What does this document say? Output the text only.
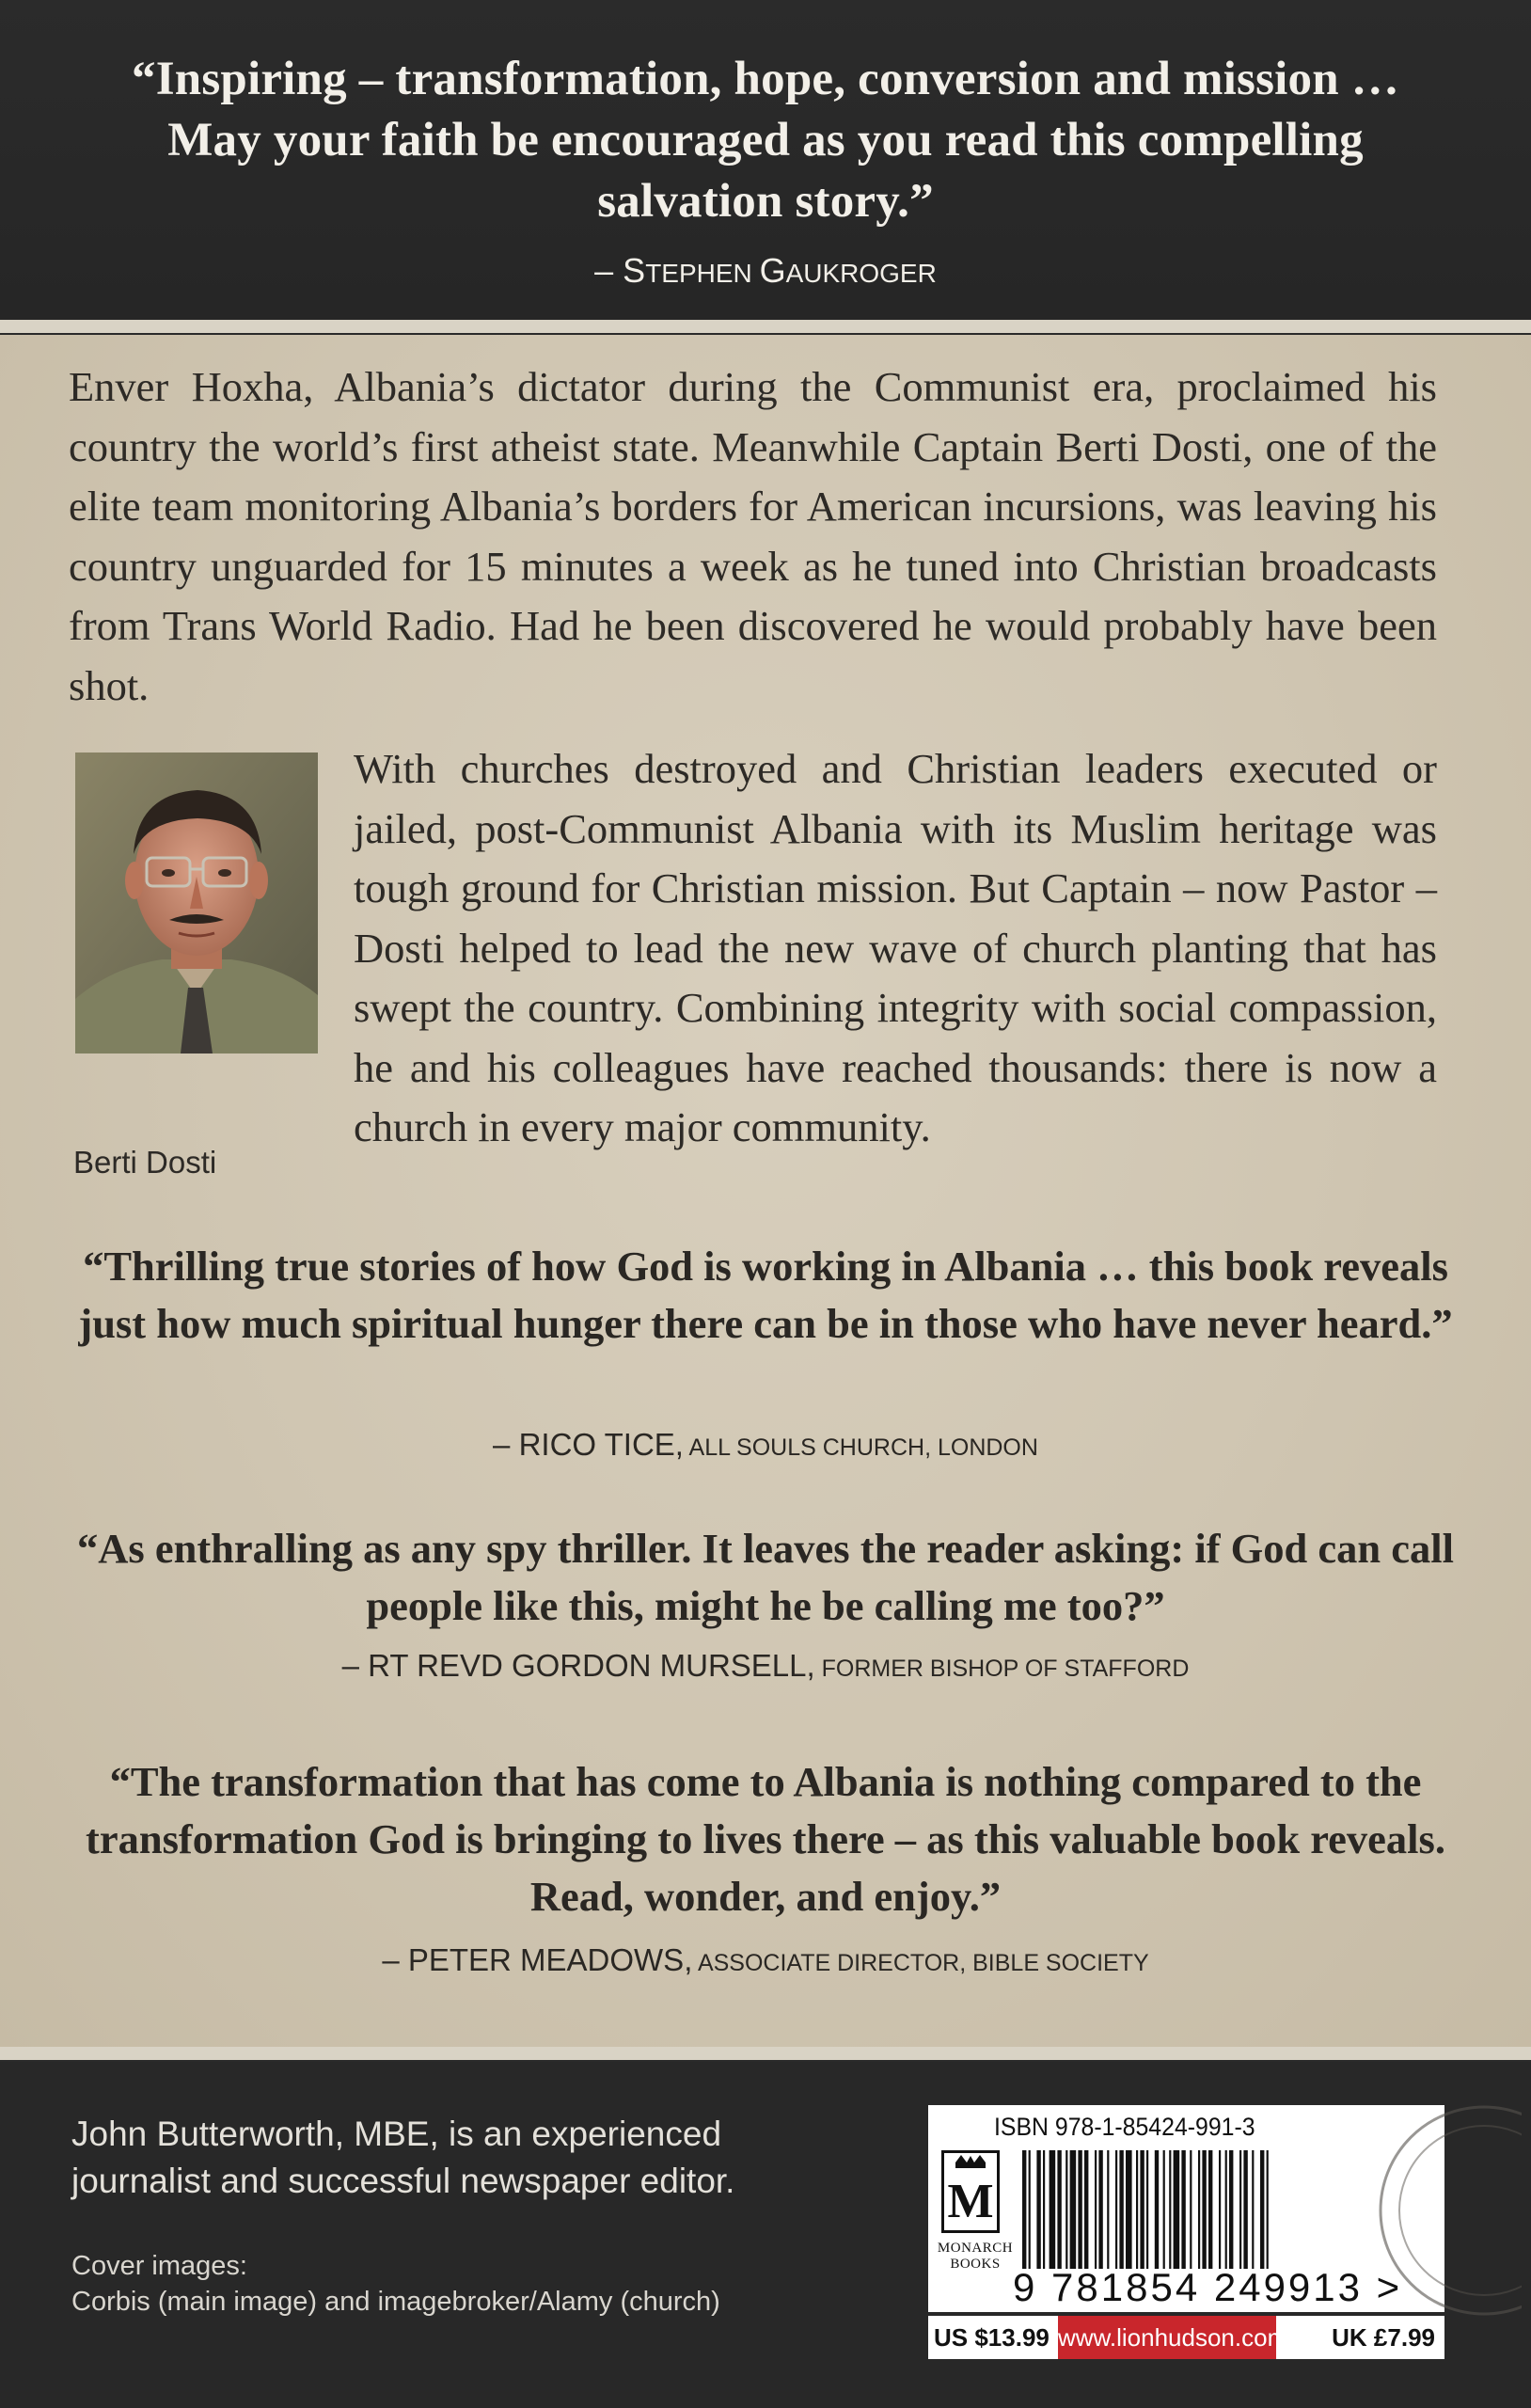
“Inspiring – transformation, hope, conversion and mission … May your faith be encouraged as you read this compelling salvation story.”
– STEPHEN GAUKROGER

Enver Hoxha, Albania’s dictator during the Communist era, proclaimed his country the world’s first atheist state. Meanwhile Captain Berti Dosti, one of the elite team monitoring Albania’s borders for American incursions, was leaving his country unguarded for 15 minutes a week as he tuned into Christian broadcasts from Trans World Radio. Had he been discovered he would probably have been shot.

Berti Dosti

With churches destroyed and Christian leaders executed or jailed, post-Communist Albania with its Muslim heritage was tough ground for Christian mission. But Captain – now Pastor – Dosti helped to lead the new wave of church planting that has swept the country. Combining integrity with social compassion, he and his colleagues have reached thousands: there is now a church in every major community.

“Thrilling true stories of how God is working in Albania … this book reveals just how much spiritual hunger there can be in those who have never heard.”
– RICO TICE, ALL SOULS CHURCH, LONDON
“As enthralling as any spy thriller. It leaves the reader asking: if God can call people like this, might he be calling me too?”
– RT REVD GORDON MURSELL, FORMER BISHOP OF STAFFORD
“The transformation that has come to Albania is nothing compared to the transformation God is bringing to lives there – as this valuable book reveals. Read, wonder, and enjoy.”
– PETER MEADOWS, ASSOCIATE DIRECTOR, BIBLE SOCIETY
John Butterworth, MBE, is an experienced
journalist and successful newspaper editor.
Cover images:
Corbis (main image) and imagebroker/Alamy (church)
ISBN 978-1-85424-991-3
M
MONARCH
BOOKS
9 781854 249913 >
US $13.99 www.lionhudson.com UK £7.99
